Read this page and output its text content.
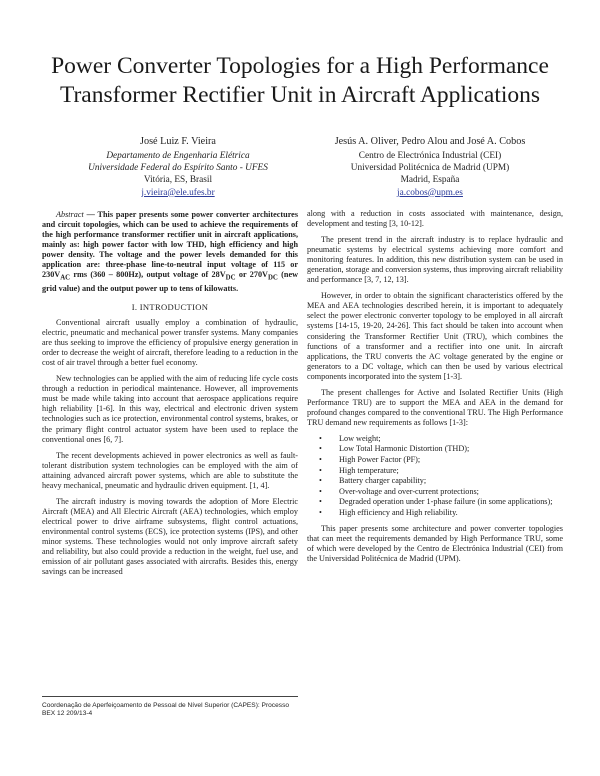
Power Converter Topologies for a High Performance Transformer Rectifier Unit in Aircraft Applications
José Luiz F. Vieira
Departamento de Engenharia Elétrica
Universidade Federal do Espírito Santo - UFES
Vitória, ES, Brasil
j.vieira@ele.ufes.br
Jesús A. Oliver, Pedro Alou and José A. Cobos
Centro de Electrónica Industrial (CEI)
Universidad Politécnica de Madrid (UPM)
Madrid, España
ja.cobos@upm.es

Abstract — This paper presents some power converter architectures and circuit topologies, which can be used to achieve the requirements of the high performance transformer rectifier unit in aircraft applications, mainly as: high power factor with low THD, high efficiency and high power density. The voltage and the power levels demanded for this application are: three-phase line-to-neutral input voltage of 115 or $230V_{AC}$ rms (360 – 800Hz), output voltage of $28V_{DC}$ or $270V_{DC}$ (new grid value) and the output power up to tens of kilowatts.

I. INTRODUCTION

Conventional aircraft usually employ a combination of hydraulic, electric, pneumatic and mechanical power transfer systems. Many companies are thus seeking to improve the efficiency of propulsive energy generation in order to decrease the weight of aircraft, therefore leading to a reduction in the cost of air travel through a better fuel economy.

New technologies can be applied with the aim of reducing life cycle costs through a reduction in periodical maintenance. However, all improvements must be made while taking into account that aerospace applications require high reliability [1-6]. In this way, electrical and electronic driven system technologies such as ice protection, environmental control systems, brakes, or the primary flight control actuator system have been used to replace the conventional ones [6, 7].

The recent developments achieved in power electronics as well as fault-tolerant distribution system technologies can be employed with the aim of attaining advanced aircraft power systems, which are able to substitute the heavy mechanical, pneumatic and hydraulic driven equipment. [1, 4].

The aircraft industry is moving towards the adoption of More Electric Aircraft (MEA) and All Electric Aircraft (AEA) technologies, which employ electrical power to drive airframe subsystems, flight control actuations, environmental control systems (ECS), ice protection systems (IPS), and other minor systems. These technologies would not only improve aircraft safety and reliability, but also could provide a reduction in the weight, fuel use, and emission of air pollutant gases associated with aircrafts. Besides this, energy savings can be increased

along with a reduction in costs associated with maintenance, design, development and testing [3, 10-12].

The present trend in the aircraft industry is to replace hydraulic and pneumatic systems by electrical systems achieving more comfort and monitoring features. In addition, this new distribution system can be used in generation, storage and conversion systems, thus improving aircraft reliability and performance [3, 7, 12, 13].

However, in order to obtain the significant characteristics offered by the MEA and AEA technologies described herein, it is important to adequately select the power electronic converter topology to be employed in all aircraft systems [14-15, 19-20, 24-26]. This fact should be taken into account when considering the Transformer Rectifier Unit (TRU), which combines the functions of a transformer and a rectifier into one unit. In aircraft applications, the TRU converts the AC voltage generated by the engine or generators to a DC voltage, which can then be used by various electrical components incorporated into the system [1-3].

The present challenges for Active and Isolated Rectifier Units (High Performance TRU) are to support the MEA and AEA in the demand for profound changes compared to the conventional TRU. The High Performance TRU demand new requirements as follows [1-3]:

• Low weight;
• Low Total Harmonic Distortion (THD);
• High Power Factor (PF);
• High temperature;
• Battery charger capability;
• Over-voltage and over-current protections;
• Degraded operation under 1-phase failure (in some applications);
• High efficiency and High reliability.

This paper presents some architecture and power converter topologies that can meet the requirements demanded by High Performance TRU, some of which were developed by the Centro de Electrónica Industrial (CEI) from the Universidad Politécnica de Madrid (UPM).

Coordenação de Aperfeiçoamento de Pessoal de Nível Superior (CAPES): Processo BEX 12 209/13-4
